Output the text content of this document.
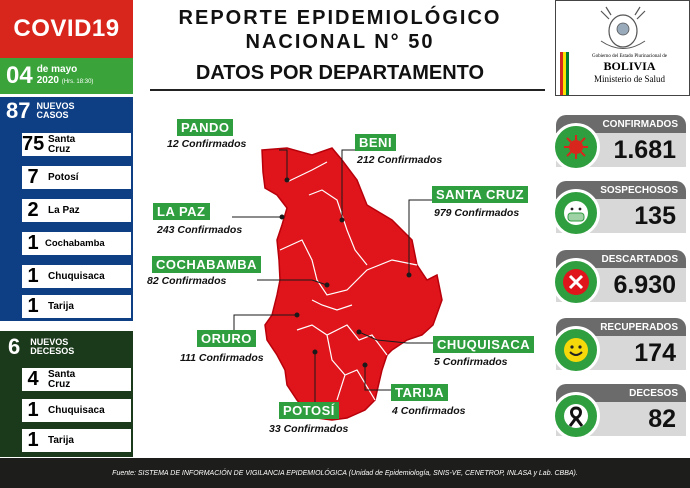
COVID19
04 de mayo
2020 (Hrs. 18:30)
REPORTE EPIDEMIOLÓGICO
NACIONAL N° 50
DATOS POR DEPARTAMENTO
Gobierno del Estado Plurinacional de
BOLIVIA
Ministerio de Salud
87 NUEVOS
CASOS
75 Santa Cruz
7 Potosí
2 La Paz
1 Cochabamba
1 Chuquisaca
1 Tarija
6 NUEVOS
DECESOS
4 Santa Cruz
1 Chuquisaca
1 Tarija
PANDO
12 Confirmados	BENI
212 Confirmados
SANTA CRUZ
979 Confirmados
LA PAZ
243 Confirmados
COCHABAMBA
82 Confirmados
ORURO
111 Confirmados
CHUQUISACA
5 Confirmados
TARIJA
4 Confirmados
POTOSÍ
33 Confirmados
CONFIRMADOS
1.681
SOSPECHOSOS
135
DESCARTADOS
6.930
RECUPERADOS
174
DECESOS
82
Fuente: SISTEMA DE INFORMACIÓN DE VIGILANCIA EPIDEMIOLÓGICA (Unidad de Epidemiología, SNIS-VE, CENETROP, INLASA y Lab. CBBA).
